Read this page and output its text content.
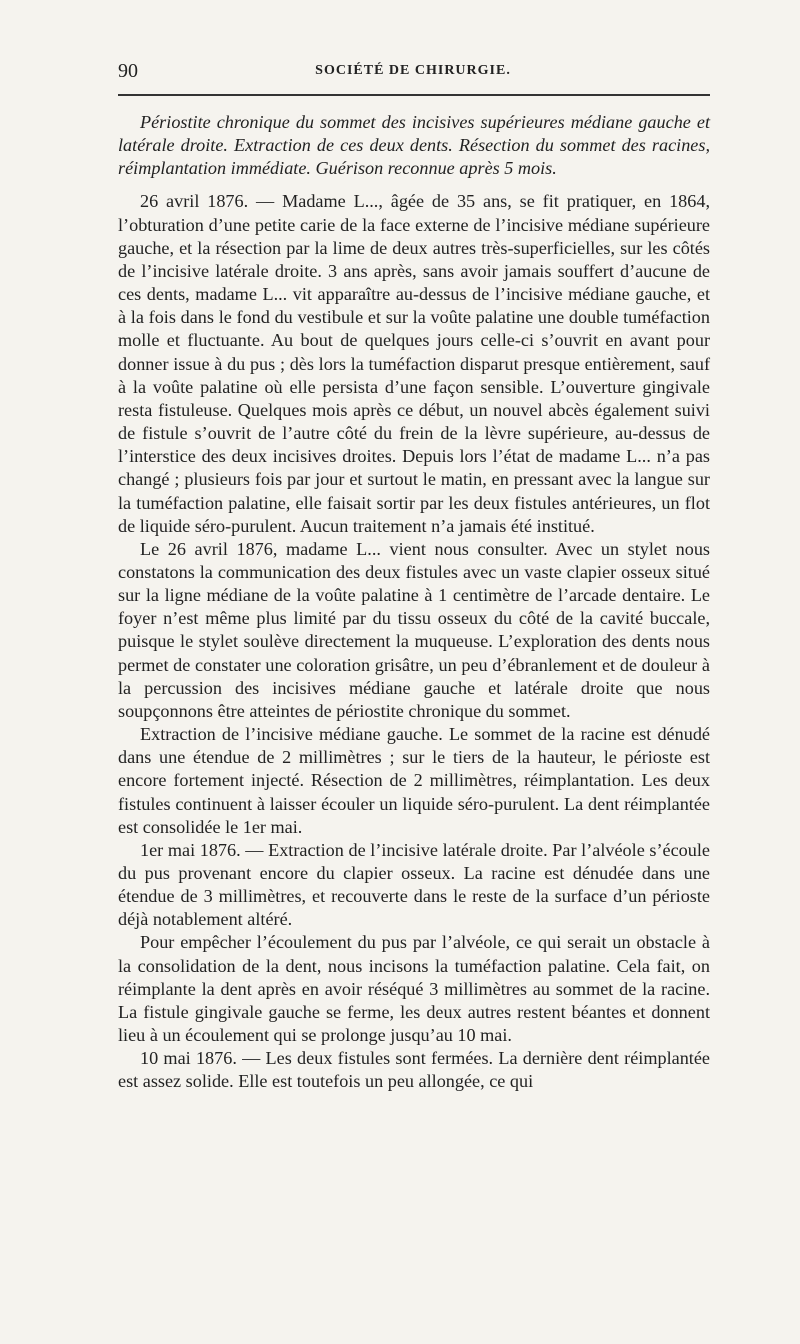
90	SOCIÉTÉ DE CHIRURGIE.

Périostite chronique du sommet des incisives supérieures médiane gauche et latérale droite. Extraction de ces deux dents. Résection du sommet des racines, réimplantation immédiate. Guérison reconnue après 5 mois.

26 avril 1876. — Madame L..., âgée de 35 ans, se fit pratiquer, en 1864, l’obturation d’une petite carie de la face externe de l’incisive médiane supérieure gauche, et la résection par la lime de deux autres très-superficielles, sur les côtés de l’incisive latérale droite. 3 ans après, sans avoir jamais souffert d’aucune de ces dents, madame L... vit apparaître au-dessus de l’incisive médiane gauche, et à la fois dans le fond du vestibule et sur la voûte palatine une double tuméfaction molle et fluctuante. Au bout de quelques jours celle-ci s’ouvrit en avant pour donner issue à du pus ; dès lors la tuméfaction disparut presque entièrement, sauf à la voûte palatine où elle persista d’une façon sensible. L’ouverture gingivale resta fistuleuse. Quelques mois après ce début, un nouvel abcès également suivi de fistule s’ouvrit de l’autre côté du frein de la lèvre supérieure, au-dessus de l’interstice des deux incisives droites. Depuis lors l’état de madame L... n’a pas changé ; plusieurs fois par jour et surtout le matin, en pressant avec la langue sur la tuméfaction palatine, elle faisait sortir par les deux fistules antérieures, un flot de liquide séro-purulent. Aucun traitement n’a jamais été institué.

Le 26 avril 1876, madame L... vient nous consulter. Avec un stylet nous constatons la communication des deux fistules avec un vaste clapier osseux situé sur la ligne médiane de la voûte palatine à 1 centimètre de l’arcade dentaire. Le foyer n’est même plus limité par du tissu osseux du côté de la cavité buccale, puisque le stylet soulève directement la muqueuse. L’exploration des dents nous permet de constater une coloration grisâtre, un peu d’ébranlement et de douleur à la percussion des incisives médiane gauche et latérale droite que nous soupçonnons être atteintes de périostite chronique du sommet.

Extraction de l’incisive médiane gauche. Le sommet de la racine est dénudé dans une étendue de 2 millimètres ; sur le tiers de la hauteur, le périoste est encore fortement injecté. Résection de 2 millimètres, réimplantation. Les deux fistules continuent à laisser écouler un liquide séro-purulent. La dent réimplantée est consolidée le 1er mai.

1er mai 1876. — Extraction de l’incisive latérale droite. Par l’alvéole s’écoule du pus provenant encore du clapier osseux. La racine est dénudée dans une étendue de 3 millimètres, et recouverte dans le reste de la surface d’un périoste déjà notablement altéré.

Pour empêcher l’écoulement du pus par l’alvéole, ce qui serait un obstacle à la consolidation de la dent, nous incisons la tuméfaction palatine. Cela fait, on réimplante la dent après en avoir réséqué 3 millimètres au sommet de la racine. La fistule gingivale gauche se ferme, les deux autres restent béantes et donnent lieu à un écoulement qui se prolonge jusqu’au 10 mai.

10 mai 1876. — Les deux fistules sont fermées. La dernière dent réimplantée est assez solide. Elle est toutefois un peu allongée, ce qui
